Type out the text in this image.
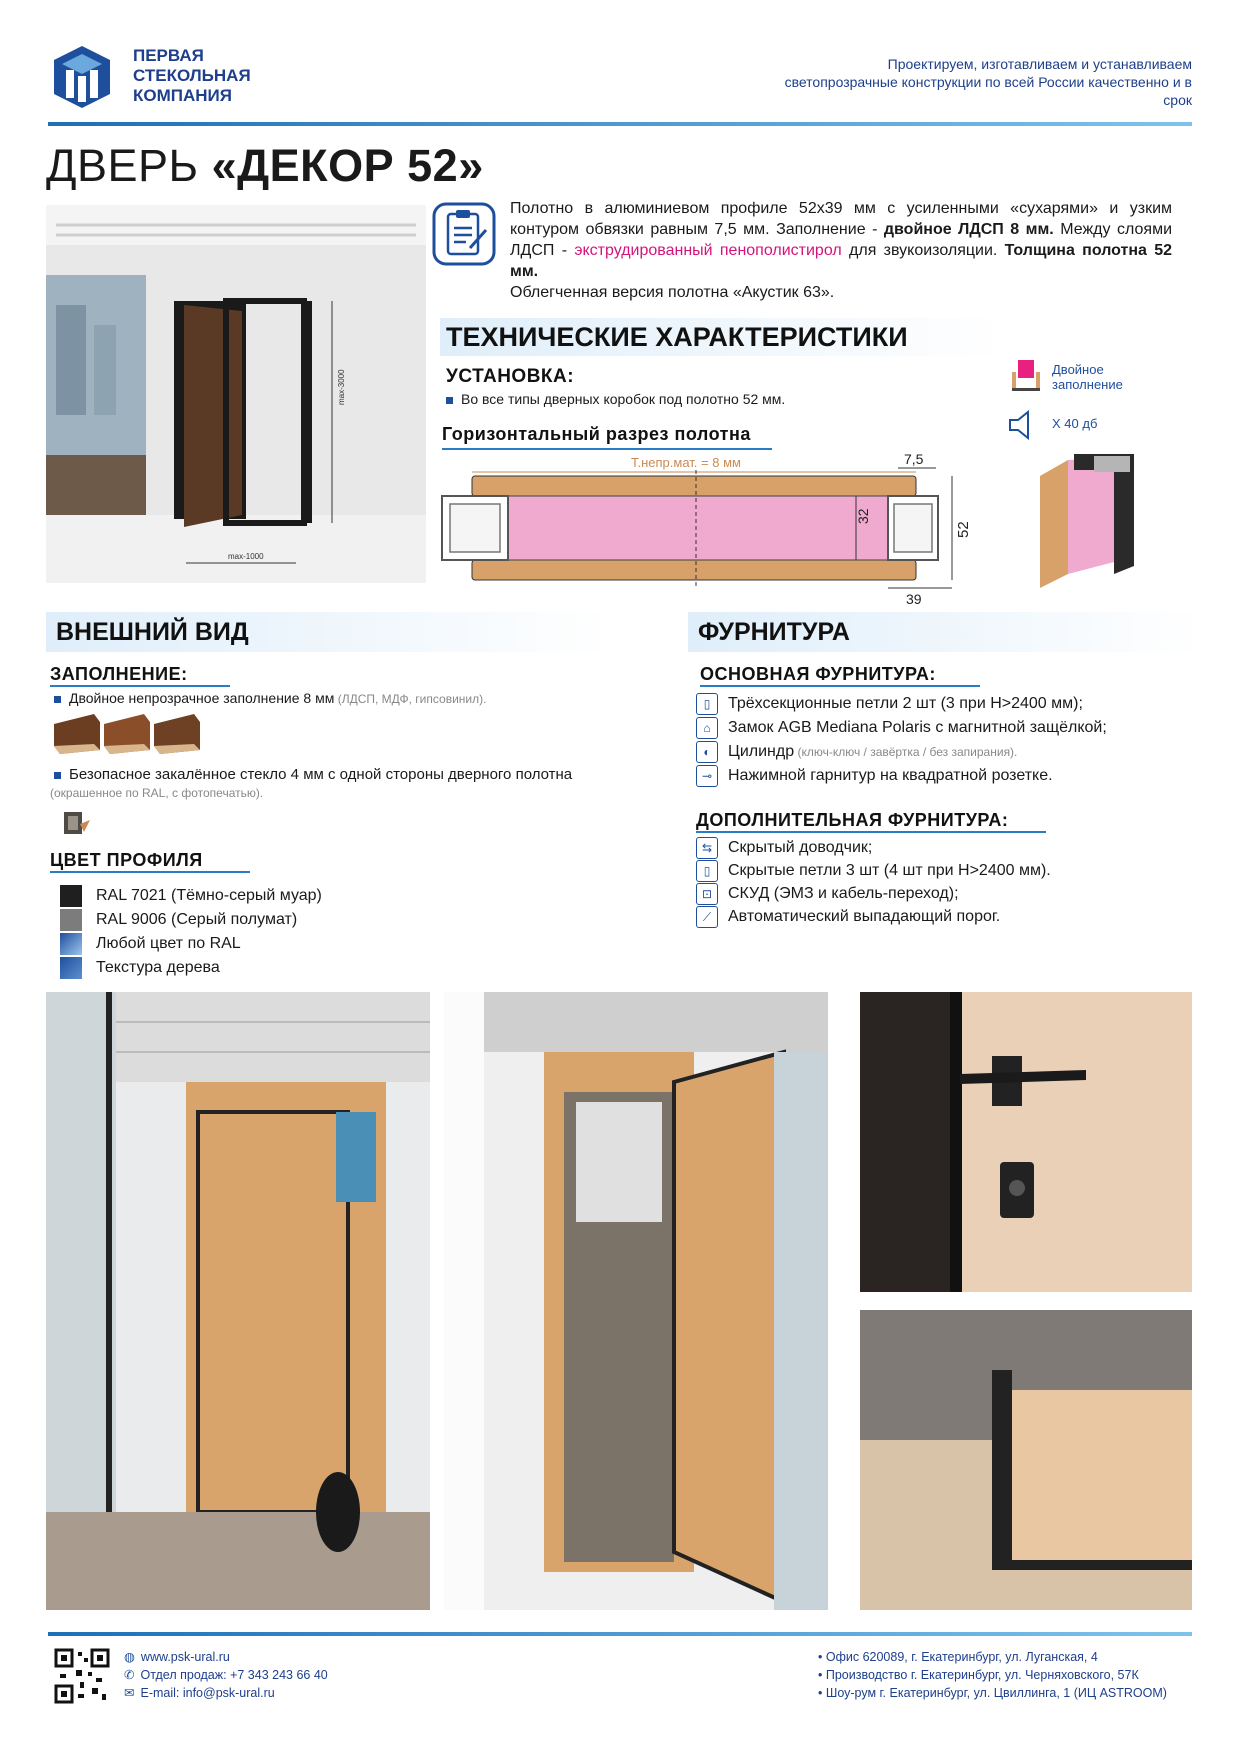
ПЕРВАЯ СТЕКОЛЬНАЯ КОМПАНИЯ
Проектируем, изготавливаем и устанавливаем светопрозрачные конструкции по всей России качественно и в срок
ДВЕРЬ «ДЕКОР 52»
max-3000
max-1000
Полотно в алюминиевом профиле 52х39 мм с усиленными «сухарями» и узким контуром обвязки равным 7,5 мм. Заполнение - двойное ЛДСП 8 мм. Между слоями ЛДСП - экструдированный пенополистирол для звукоизоляции. Толщина полотна 52 мм.
Облегченная версия полотна «Акустик 63».
ТЕХНИЧЕСКИЕ ХАРАКТЕРИСТИКИ
УСТАНОВКА:
Во все типы дверных коробок под полотно 52 мм.
Горизонтальный разрез полотна
Т.непр.мат. = 8 мм	7,5
32
52
39
Двойное заполнение
Х 40 дб
ВНЕШНИЙ ВИД
ЗАПОЛНЕНИЕ:
Двойное непрозрачное заполнение 8 мм (ЛДСП, МДФ, гипсовинил).
Безопасное закалённое стекло 4 мм с одной стороны дверного полотна
(окрашенное по RAL, с фотопечатью).
ЦВЕТ ПРОФИЛЯ
RAL 7021 (Тёмно-серый муар)
RAL 9006 (Серый полумат)
Любой цвет по RAL
Текстура дерева
ФУРНИТУРА
ОСНОВНАЯ ФУРНИТУРА:
▯ Трёхсекционные петли 2 шт (3 при Н>2400 мм);
⌂ Замок AGB Mediana Polaris с магнитной защёлкой;
◐ Цилиндр (ключ-ключ / завёртка / без запирания).
⊸ Нажимной гарнитур на квадратной розетке.
ДОПОЛНИТЕЛЬНАЯ ФУРНИТУРА:
⇆ Скрытый доводчик;
▯ Скрытые петли 3 шт (4 шт при Н>2400 мм).
⊡ СКУД (ЭМЗ и кабель-переход);
⟋ Автоматический выпадающий порог.
◍ www.psk-ural.ru
✆ Отдел продаж: +7 343 243 66 40
✉ E-mail: info@psk-ural.ru
• Офис 620089, г. Екатеринбург, ул. Луганская, 4
• Производство г. Екатеринбург, ул. Черняховского, 57К
• Шоу-рум г. Екатеринбург, ул. Цвиллинга, 1 (ИЦ ASTROOM)
